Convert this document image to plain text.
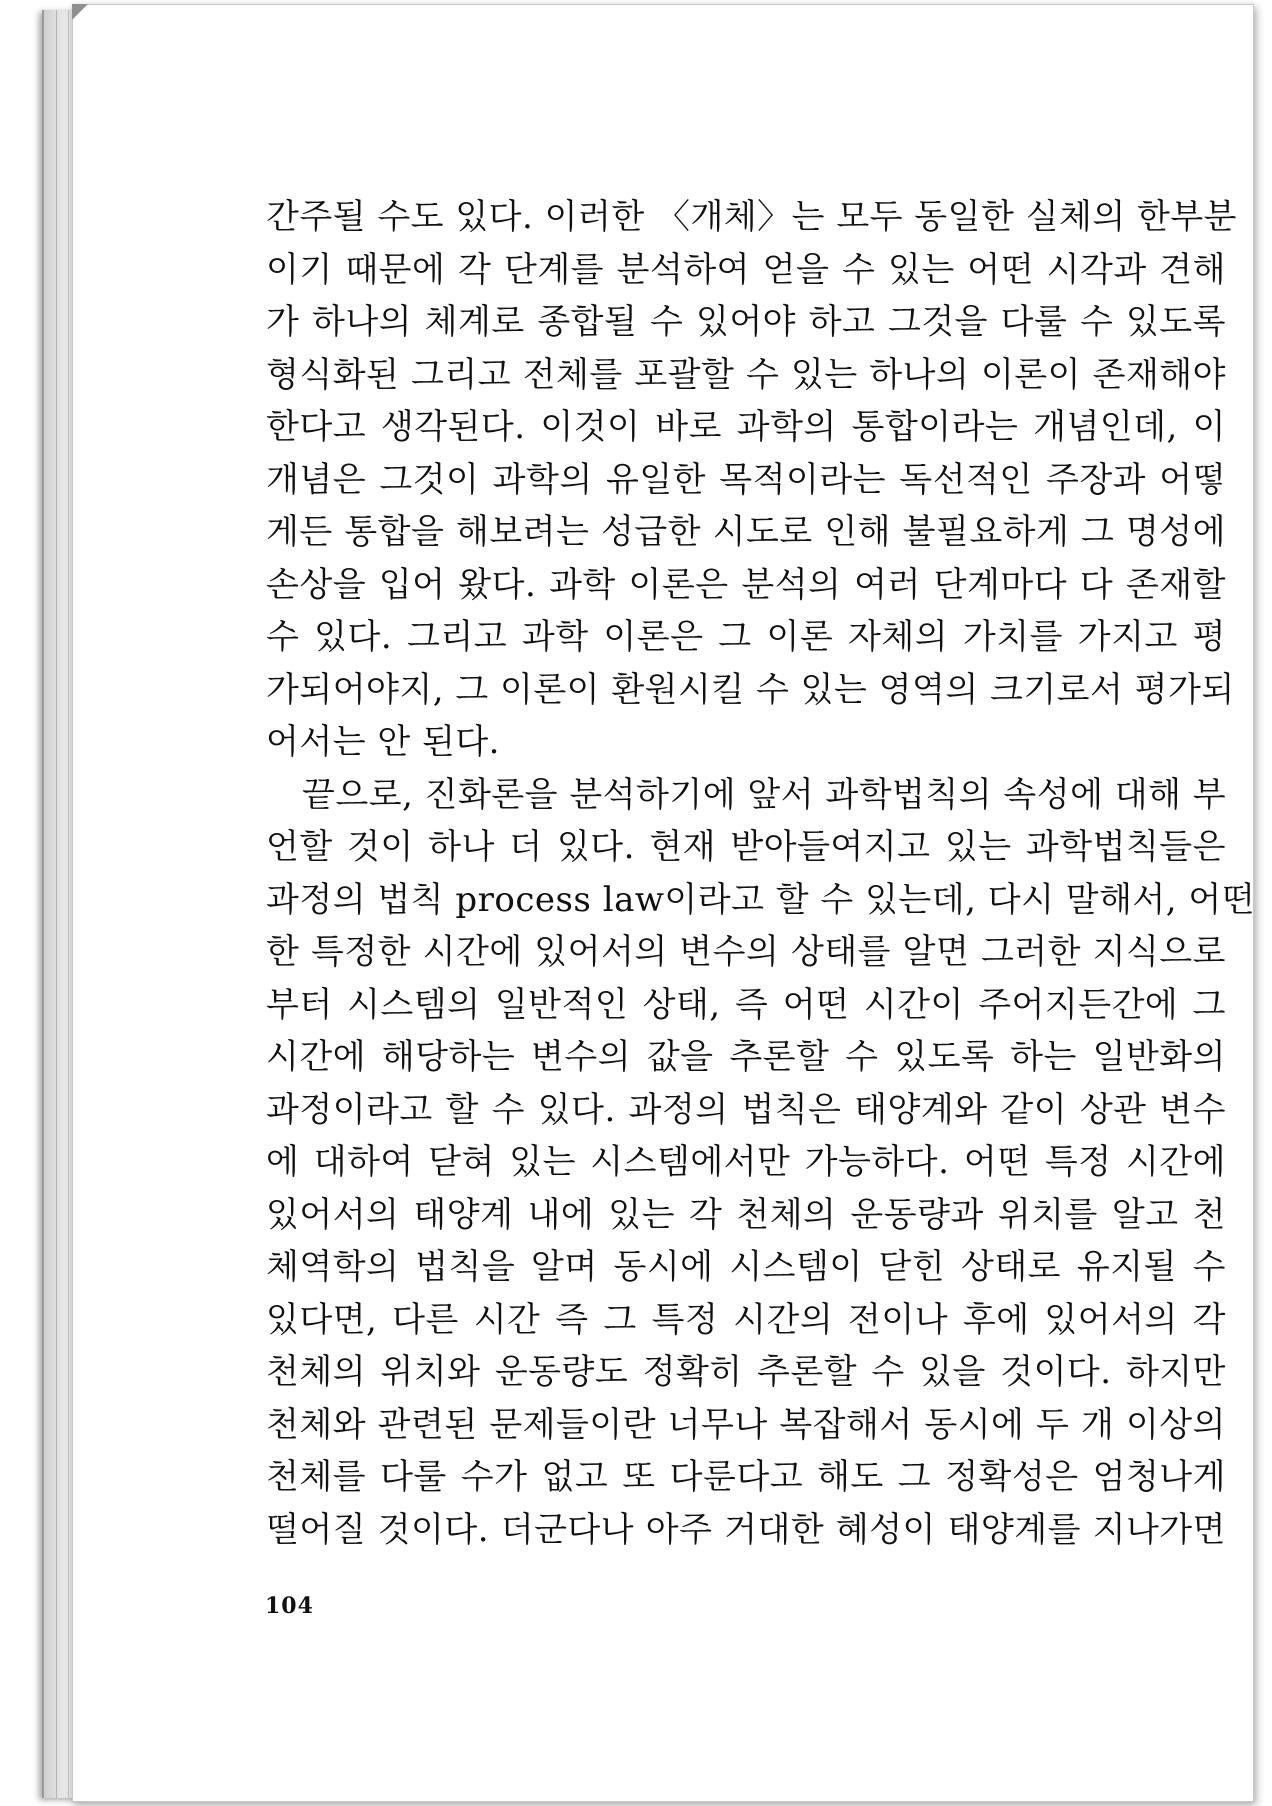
간주될 수도 있다. 이러한 〈개체〉는 모두 동일한 실체의 한부분
이기 때문에 각 단계를 분석하여 얻을 수 있는 어떤 시각과 견해
가 하나의 체계로 종합될 수 있어야 하고 그것을 다룰 수 있도록
형식화된 그리고 전체를 포괄할 수 있는 하나의 이론이 존재해야
한다고 생각된다. 이것이 바로 과학의 통합이라는 개념인데, 이
개념은 그것이 과학의 유일한 목적이라는 독선적인 주장과 어떻
게든 통합을 해보려는 성급한 시도로 인해 불필요하게 그 명성에
손상을 입어 왔다. 과학 이론은 분석의 여러 단계마다 다 존재할
수 있다. 그리고 과학 이론은 그 이론 자체의 가치를 가지고 평
가되어야지, 그 이론이 환원시킬 수 있는 영역의 크기로서 평가되
어서는 안 된다.
끝으로, 진화론을 분석하기에 앞서 과학법칙의 속성에 대해 부
언할 것이 하나 더 있다. 현재 받아들여지고 있는 과학법칙들은
과정의 법칙 process law이라고 할 수 있는데, 다시 말해서, 어떤
한 특정한 시간에 있어서의 변수의 상태를 알면 그러한 지식으로
부터 시스템의 일반적인 상태, 즉 어떤 시간이 주어지든간에 그
시간에 해당하는 변수의 값을 추론할 수 있도록 하는 일반화의
과정이라고 할 수 있다. 과정의 법칙은 태양계와 같이 상관 변수
에 대하여 닫혀 있는 시스템에서만 가능하다. 어떤 특정 시간에
있어서의 태양계 내에 있는 각 천체의 운동량과 위치를 알고 천
체역학의 법칙을 알며 동시에 시스템이 닫힌 상태로 유지될 수
있다면, 다른 시간 즉 그 특정 시간의 전이나 후에 있어서의 각
천체의 위치와 운동량도 정확히 추론할 수 있을 것이다. 하지만
천체와 관련된 문제들이란 너무나 복잡해서 동시에 두 개 이상의
천체를 다룰 수가 없고 또 다룬다고 해도 그 정확성은 엄청나게
떨어질 것이다. 더군다나 아주 거대한 혜성이 태양계를 지나가면
104
